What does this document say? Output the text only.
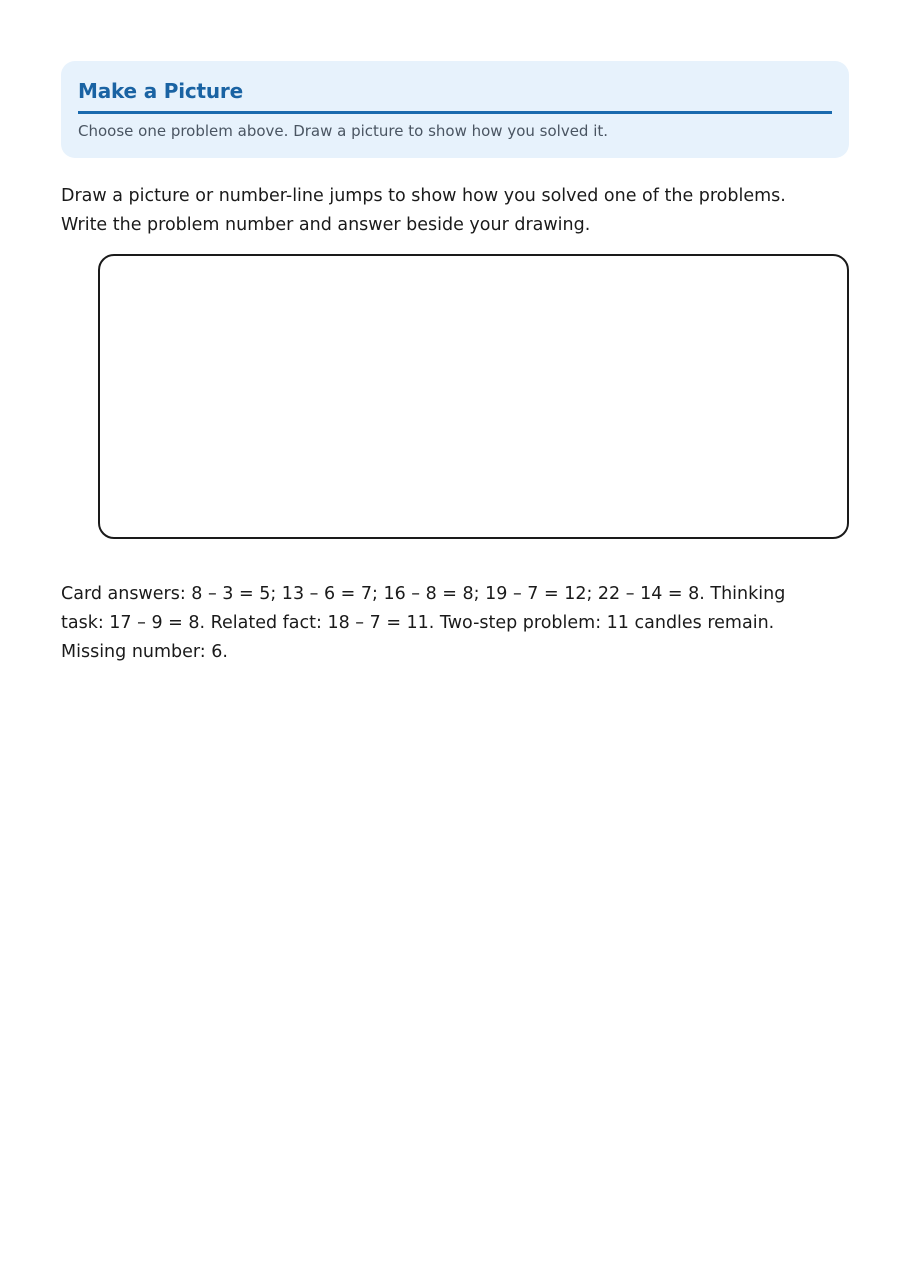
Make a Picture

Choose one problem above. Draw a picture to show how you solved it.

Draw a picture or number-line jumps to show how you solved one of the problems.
Write the problem number and answer beside your drawing.

Card answers: 8 – 3 = 5; 13 – 6 = 7; 16 – 8 = 8; 19 – 7 = 12; 22 – 14 = 8. Thinking
task: 17 – 9 = 8. Related fact: 18 – 7 = 11. Two-step problem: 11 candles remain.
Missing number: 6.
